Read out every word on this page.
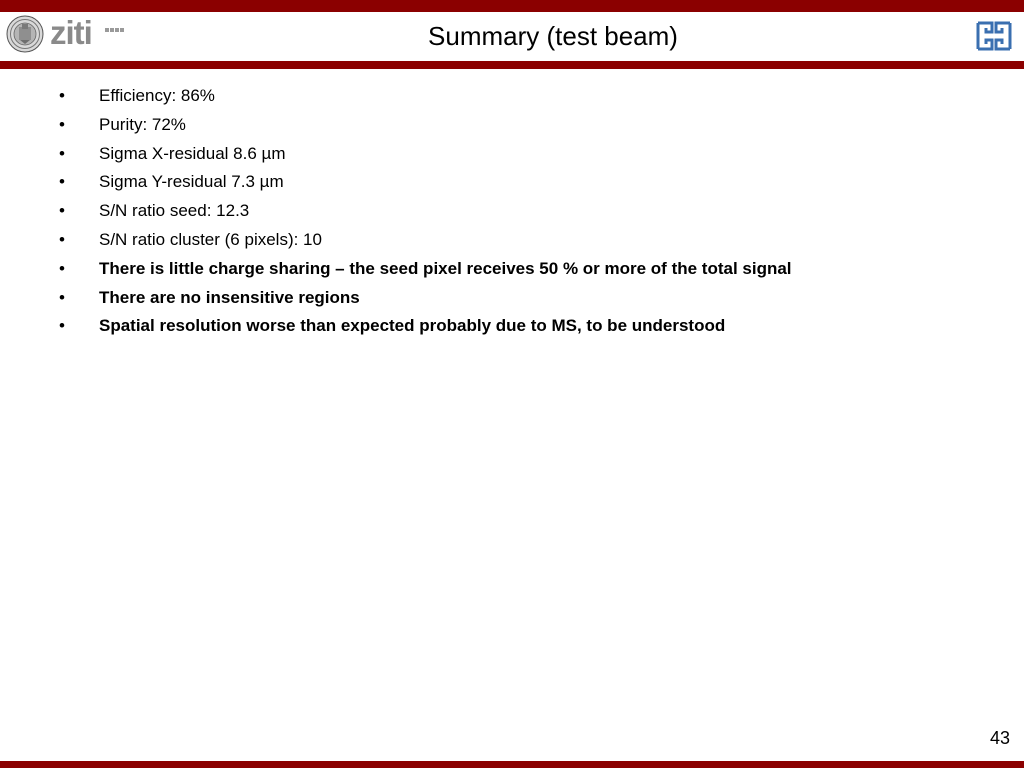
ziti	Summary (test beam)
• Efficiency: 86%
• Purity: 72%
• Sigma X-residual 8.6 µm
• Sigma Y-residual 7.3 µm
• S/N ratio seed: 12.3
• S/N ratio cluster (6 pixels): 10
• There is little charge sharing – the seed pixel receives 50 % or more of the total signal
• There are no insensitive regions
• Spatial resolution worse than expected probably due to MS, to be understood
43
